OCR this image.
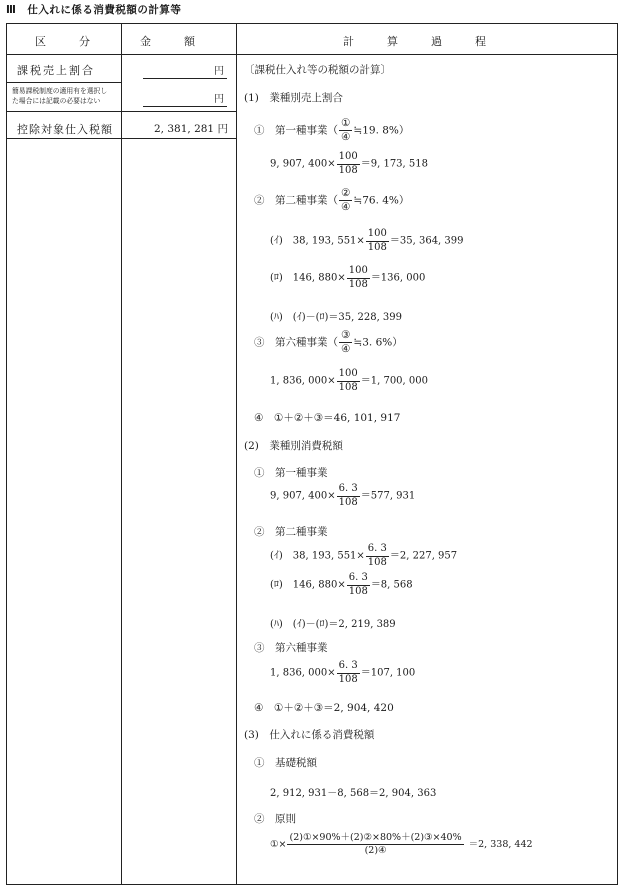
Ⅲ　仕入れに係る消費税額の計算等
区　　　分	金　　　額	計　　　算　　　過　　　程
課税売上割合	円
簡易課税制度の適用有を選択し
た場合には記載の必要はない	円
控除対象仕入税額	2, 381, 281 円
〔課税仕入れ等の税額の計算〕
(1)　業種別売上割合
①　第一種事業（ $\frac{\text{①}}{\text{④}}$ ≒19. 8%）
9, 907, $400\times \frac{100}{108} =9$, 173, 518
②　第二種事業（ $\frac{\text{②}}{\text{④}}$ ≒76. 4%）
(ｲ)　38, 193, $551\times \frac{100}{108} =35$, 364, 399
(ﾛ)　146, $880\times \frac{100}{108} =136$, 000
(ﾊ)　(ｲ)－(ﾛ)＝35, 228, 399
③　第六種事業（ $\frac{\text{③}}{\text{④}}$ ≒3. 6%）
1, 836, $000\times \frac{100}{108} =1$, 700, 000
④　①＋②＋③＝46, 101, 917
(2)　業種別消費税額
①　第一種事業
9, 907, $400\times \frac{6. 3}{108} =577$, 931
②　第二種事業
(ｲ)　38, 193, $551\times \frac{6. 3}{108} =2$, 227, 957
(ﾛ)　146, $880\times \frac{6. 3}{108} =8$, 568
(ﾊ)　(ｲ)－(ﾛ)＝2, 219, 389
③　第六種事業
1, 836, $000\times \frac{6. 3}{108} =107$, 100
④　①＋②＋③＝2, 904, 420
(3)　仕入れに係る消費税額
①　基礎税額
2, 912, 931－8, 568＝2, 904, 363
②　原則
①× $\frac{\text{(2)①×90\%＋(2)②×80\%＋(2)③×40\%}}{\text{(2)④}} =2$, 338, 442
